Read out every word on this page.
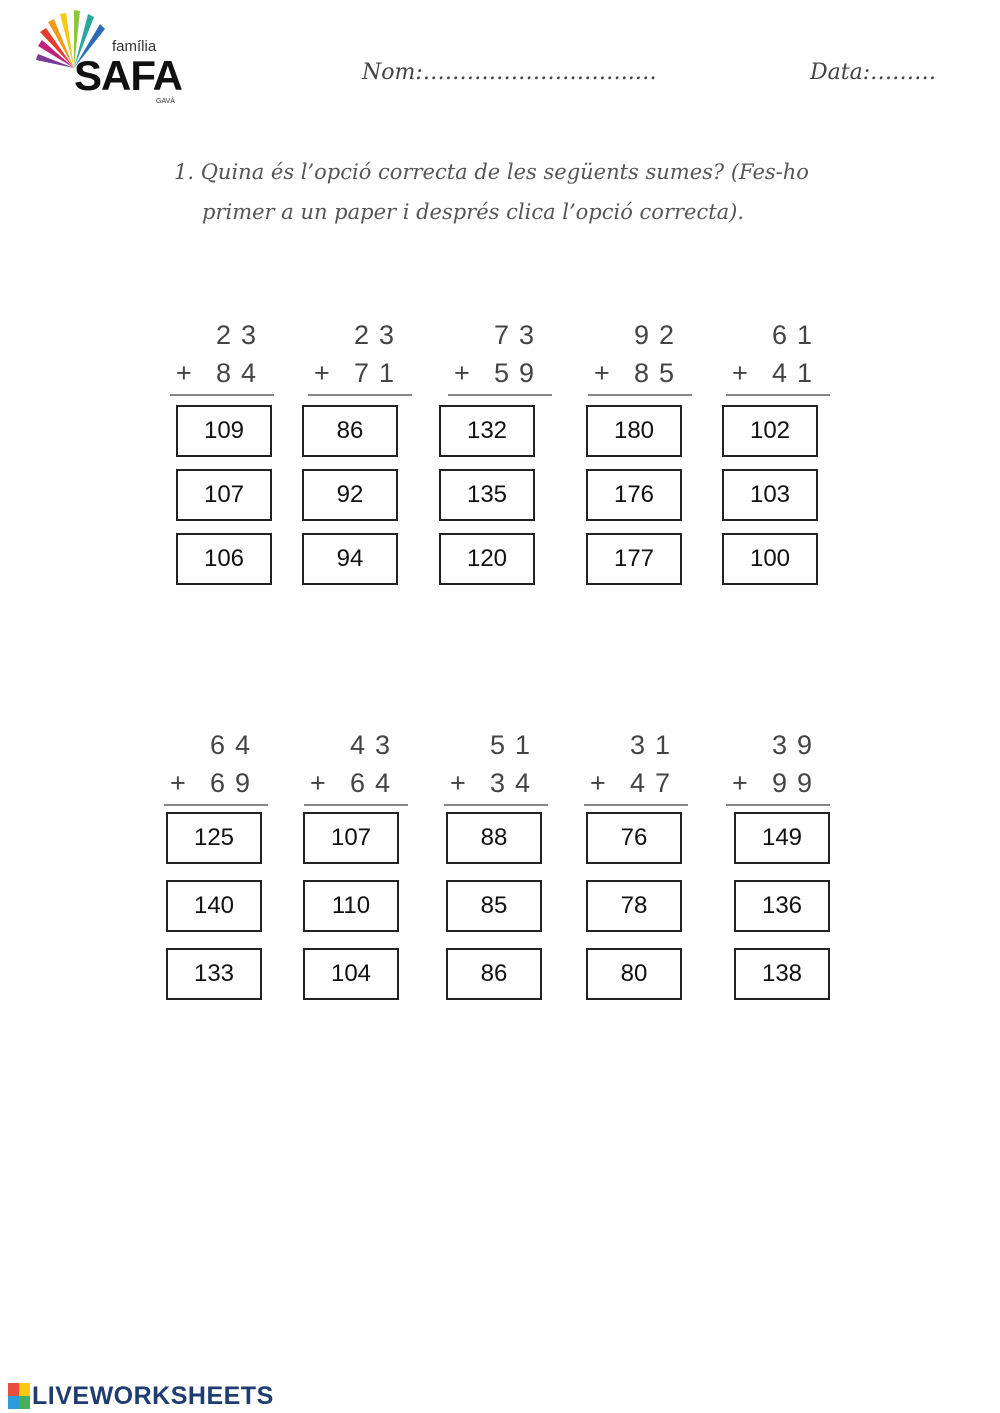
família
SAFA
GAVÀ
Nom:………………………..…	Data:………
1. Quina és l’opció correcta de les següents sumes? (Fes-ho
primer a un paper i després clica l’opció correcta).
23
+ 84
109
107
106
23
+ 71
86
92
94
73
+ 59
132
135
120
92
+ 85
180
176
177
61
+ 41
102
103
100
64
+ 69
125
140
133
43
+ 64
107
110
104
51
+ 34
88
85
86
31
+ 47
76
78
80
39
+ 99
149
136
138
LIVEWORKSHEETS
